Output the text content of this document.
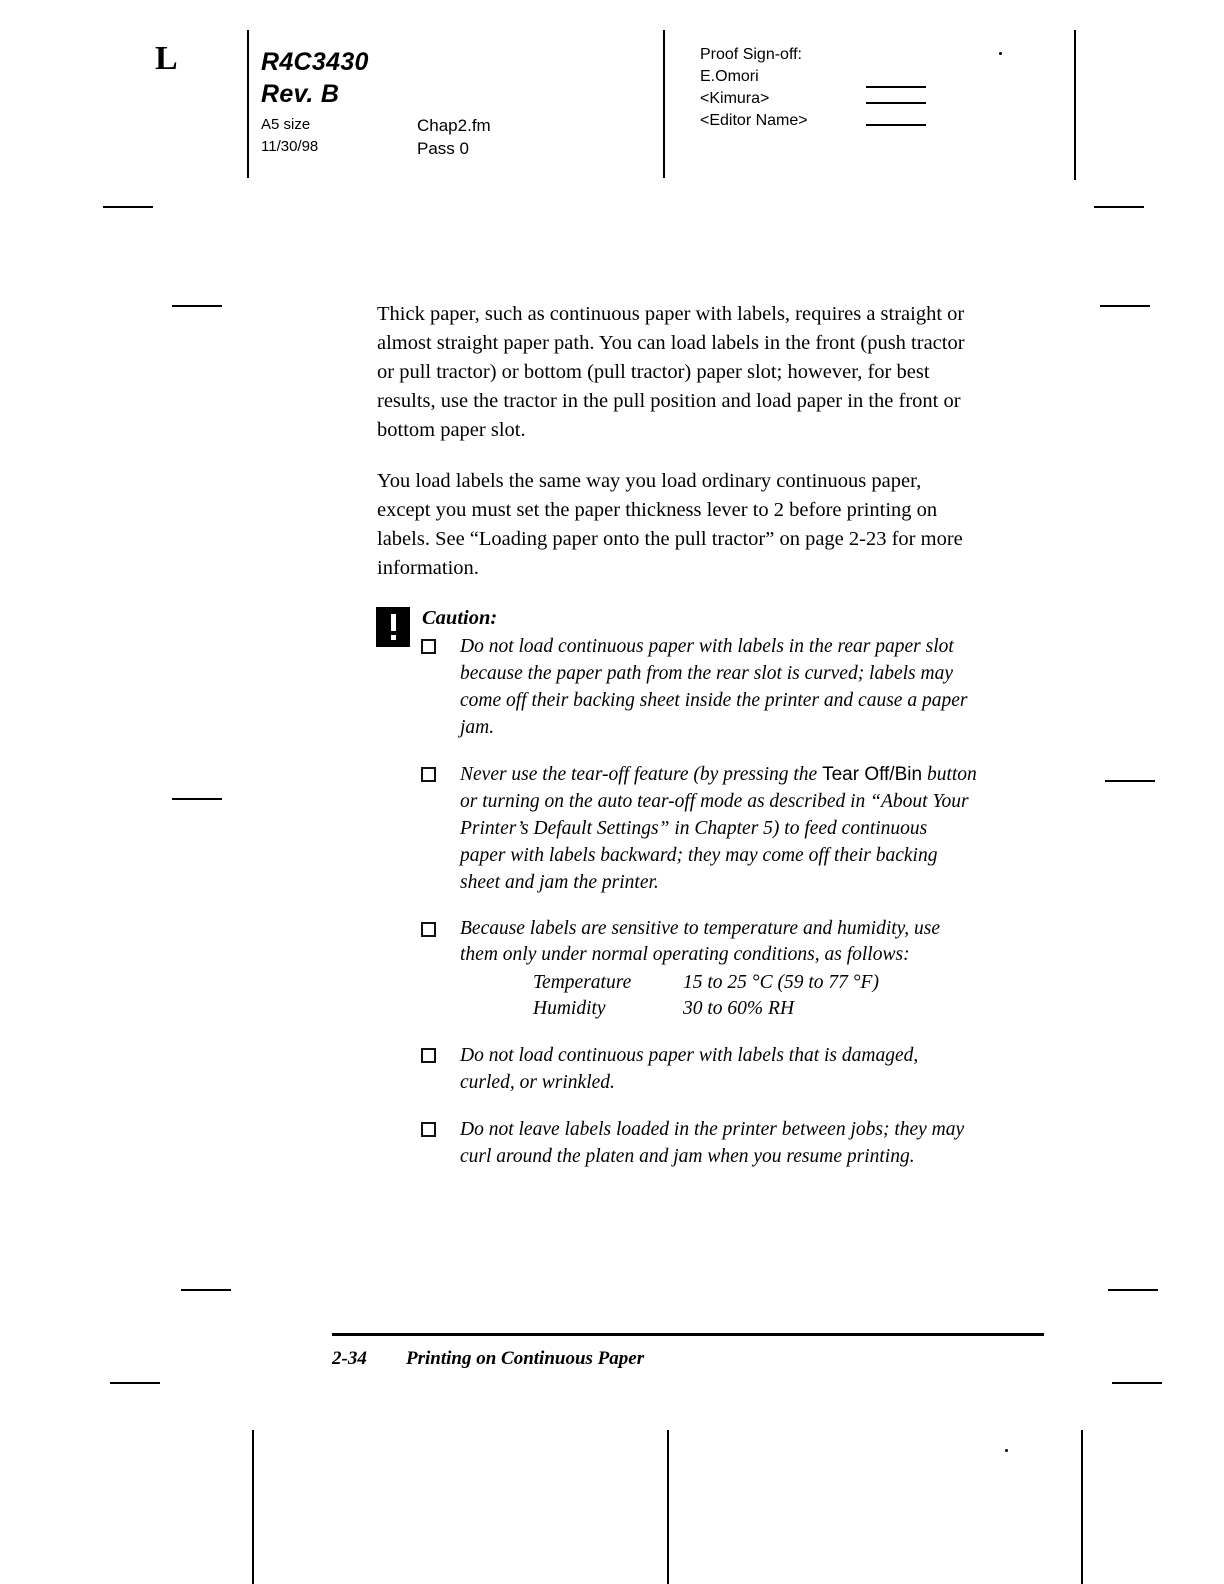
L	R4C3430
Rev. B
A5 size
11/30/98
Chap2.fm
Pass 0
Proof Sign-off:
E.Omori
<Kimura>
<Editor Name>

Thick paper, such as continuous paper with labels, requires a straight or almost straight paper path. You can load labels in the front (push tractor or pull tractor) or bottom (pull tractor) paper slot; however, for best results, use the tractor in the pull position and load paper in the front or bottom paper slot.

You load labels the same way you load ordinary continuous paper, except you must set the paper thickness lever to 2 before printing on labels. See “Loading paper onto the pull tractor” on page 2-23 for more information.

Caution:
Do not load continuous paper with labels in the rear paper slot because the paper path from the rear slot is curved; labels may come off their backing sheet inside the printer and cause a paper jam.
Never use the tear-off feature (by pressing the Tear Off/Bin button or turning on the auto tear-off mode as described in “About Your Printer’s Default Settings” in Chapter 5) to feed continuous paper with labels backward; they may come off their backing sheet and jam the printer.
Because labels are sensitive to temperature and humidity, use them only under normal operating conditions, as follows:
Temperature	15 to 25 °C (59 to 77 °F)
Humidity	30 to 60% RH
Do not load continuous paper with labels that is damaged, curled, or wrinkled.
Do not leave labels loaded in the printer between jobs; they may curl around the platen and jam when you resume printing.
2-34 Printing on Continuous Paper
